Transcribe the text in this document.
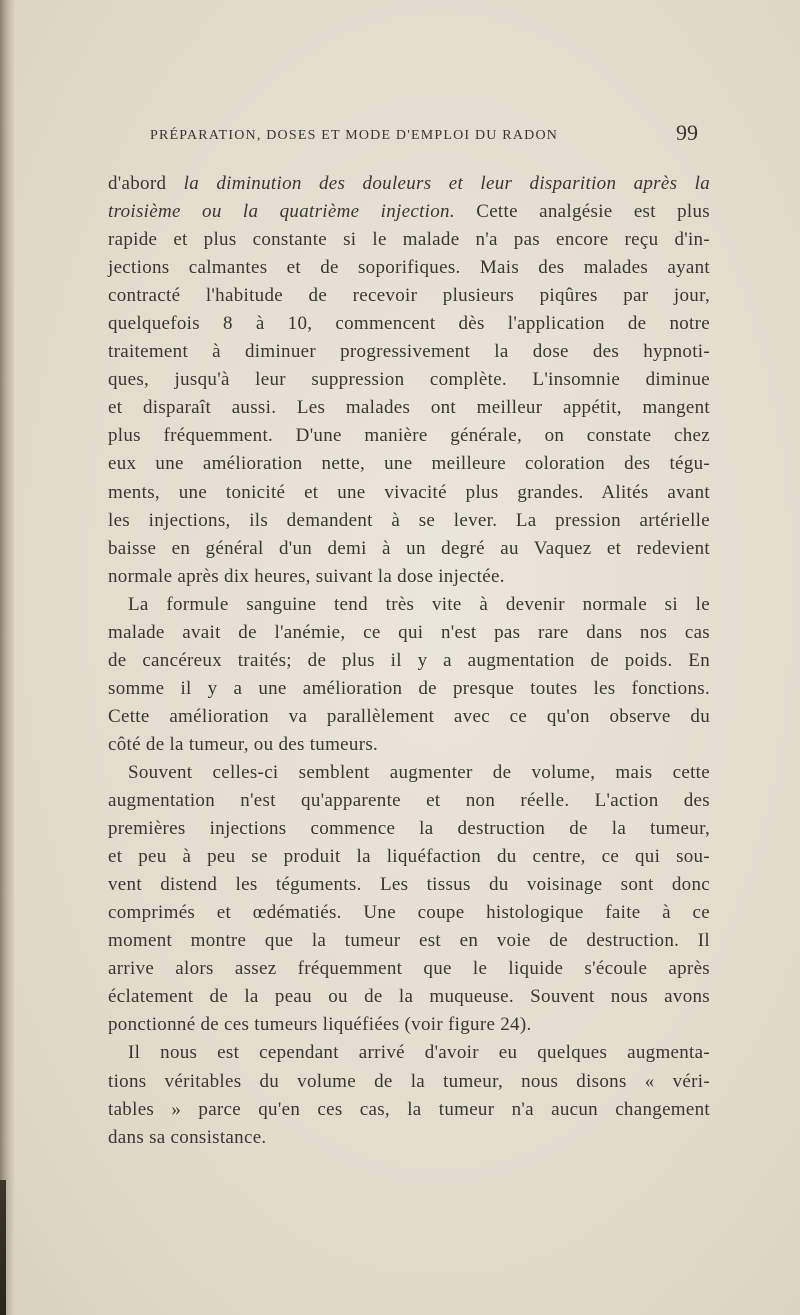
PRÉPARATION, DOSES ET MODE D'EMPLOI DU RADON	99

d'abord la diminution des douleurs et leur disparition après la
troisième ou la quatrième injection. Cette analgésie est plus
rapide et plus constante si le malade n'a pas encore reçu d'in-
jections calmantes et de soporifiques. Mais des malades ayant
contracté l'habitude de recevoir plusieurs piqûres par jour,
quelquefois 8 à 10, commencent dès l'application de notre
traitement à diminuer progressivement la dose des hypnoti-
ques, jusqu'à leur suppression complète. L'insomnie diminue
et disparaît aussi. Les malades ont meilleur appétit, mangent
plus fréquemment. D'une manière générale, on constate chez
eux une amélioration nette, une meilleure coloration des tégu-
ments, une tonicité et une vivacité plus grandes. Alités avant
les injections, ils demandent à se lever. La pression artérielle
baisse en général d'un demi à un degré au Vaquez et redevient
normale après dix heures, suivant la dose injectée.

La formule sanguine tend très vite à devenir normale si le
malade avait de l'anémie, ce qui n'est pas rare dans nos cas
de cancéreux traités; de plus il y a augmentation de poids. En
somme il y a une amélioration de presque toutes les fonctions.
Cette amélioration va parallèlement avec ce qu'on observe du
côté de la tumeur, ou des tumeurs.

Souvent celles-ci semblent augmenter de volume, mais cette
augmentation n'est qu'apparente et non réelle. L'action des
premières injections commence la destruction de la tumeur,
et peu à peu se produit la liquéfaction du centre, ce qui sou-
vent distend les téguments. Les tissus du voisinage sont donc
comprimés et œdématiés. Une coupe histologique faite à ce
moment montre que la tumeur est en voie de destruction. Il
arrive alors assez fréquemment que le liquide s'écoule après
éclatement de la peau ou de la muqueuse. Souvent nous avons
ponctionné de ces tumeurs liquéfiées (voir figure 24).

Il nous est cependant arrivé d'avoir eu quelques augmenta-
tions véritables du volume de la tumeur, nous disons « véri-
tables » parce qu'en ces cas, la tumeur n'a aucun changement
dans sa consistance.
